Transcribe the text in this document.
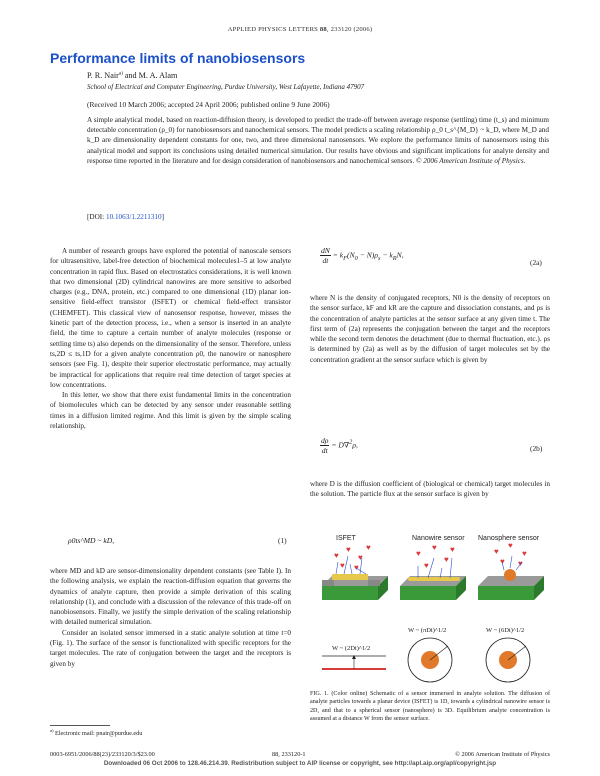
APPLIED PHYSICS LETTERS 88, 233120 (2006)
Performance limits of nanobiosensors
P. R. Nair$^{a)}$ and M. A. Alam
School of Electrical and Computer Engineering, Purdue University, West Lafayette, Indiana 47907
(Received 10 March 2006; accepted 24 April 2006; published online 9 June 2006)

A simple analytical model, based on reaction-diffusion theory, is developed to predict the trade-off between average response (settling) time (t_s) and minimum detectable concentration (ρ_0) for nanobiosensors and nanochemical sensors. The model predicts a scaling relationship ρ_0 t_s^{M_D} ~ k_D, where M_D and k_D are dimensionality dependent constants for one, two, and three dimensional nanosensors. We explore the performance limits of nanosensors using this analytical model and support its conclusions using detailed numerical simulation. Our results have obvious and significant implications for analyte density and response time reported in the literature and for design consideration of nanobiosensors and nanochemical sensors. © 2006 American Institute of Physics.

[DOI: 10.1063/1.2211310]

A number of research groups have explored the potential of nanoscale sensors for ultrasensitive, label-free detection of biochemical molecules1–5 at low analyte concentration in rapid flux. Based on electrostatics considerations, it is well known that two dimensional (2D) cylindrical nanowires are more sensitive to adsorbed charges (e.g., DNA, protein, etc.) compared to one dimensional (1D) planar ion-sensitive field-effect transistor (ISFET) or chemical field-effect transistor (CHEMFET). This classical view of nanosensor response, however, misses the kinetic part of the detection process, i.e., when a sensor is inserted in an analyte field, the time to capture a certain number of analyte molecules (response or settling time ts) also depends on the dimensionality of the sensor. Therefore, unless ts,2D ≤ ts,1D for a given analyte concentration ρ0, the nanowire or nanosphere sensors (see Fig. 1), despite their superior electrostatic performance, may actually be impractical for applications that require real time detection of target species at low concentrations.

In this letter, we show that there exist fundamental limits in the concentration of biomolecules which can be detected by any sensor under reasonable settling times in a diffusion limited regime. And this limit is given by the simple scaling relationship,

ρ0ts^MD ~ kD,	(1)

where MD and kD are sensor-dimensionality dependent constants (see Table I). In the following analysis, we explain the reaction-diffusion equation that governs the dynamics of analyte capture, then provide a simple derivation of this scaling relationship (1), and conclude with a discussion of the relevance of this trade-off on nanobiosensors. Finally, we justify the simple derivation of the scaling relationship with detailed numerical simulation.

Consider an isolated sensor immersed in a static analyte solution at time t=0 (Fig. 1). The surface of the sensor is functionalized with specific receptors for the target molecules. The rate of conjugation between the target and the receptors is given by

$\frac{dN}{dt} = k_F(N_0 - N)\rho_s - k_RN$,
(2a)

where N is the density of conjugated receptors, N0 is the density of receptors on the sensor surface, kF and kR are the capture and dissociation constants, and ρs is the concentration of analyte particles at the sensor surface at any given time t. The first term of (2a) represents the conjugation between the target and the receptors while the second term denotes the detachment (due to thermal fluctuation, etc.). ρs is determined by (2a) as well as by the diffusion of target molecules set by the concentration gradient at the sensor surface which is given by

$\frac{d\rho}{dt} = D\nabla^2\rho$,	(2b)

where D is the diffusion coefficient of (biological or chemical) target molecules in the solution. The particle flux at the sensor surface is given by

ISFET	Nanowire sensor Nanosphere sensor
♥
♥
♥
♥
♥
♥
♥
♥
♥
♥
♥	♥
♥
♥
♥ ♥
W ~ (2Dt)^1/2
W ~ (πDt)^1/2	W ~ (6Dt)^1/2

FIG. 1. (Color online) Schematic of a sensor immersed in analyte solution. The diffusion of analyte particles towards a planar device (ISFET) is 1D, towards a cylindrical nanowire sensor is 2D, and that to a spherical sensor (nanosphere) is 3D. Equilibrium analyte concentration is assumed at a distance W from the sensor surface.

$^{a)}$ Electronic mail: pnair@purdue.edu
0003-6951/2006/88(23)/233120/3/$23.00	88, 233120-1	© 2006 American Institute of Physics
Downloaded 06 Oct 2006 to 128.46.214.39. Redistribution subject to AIP license or copyright, see http://apl.aip.org/apl/copyright.jsp
